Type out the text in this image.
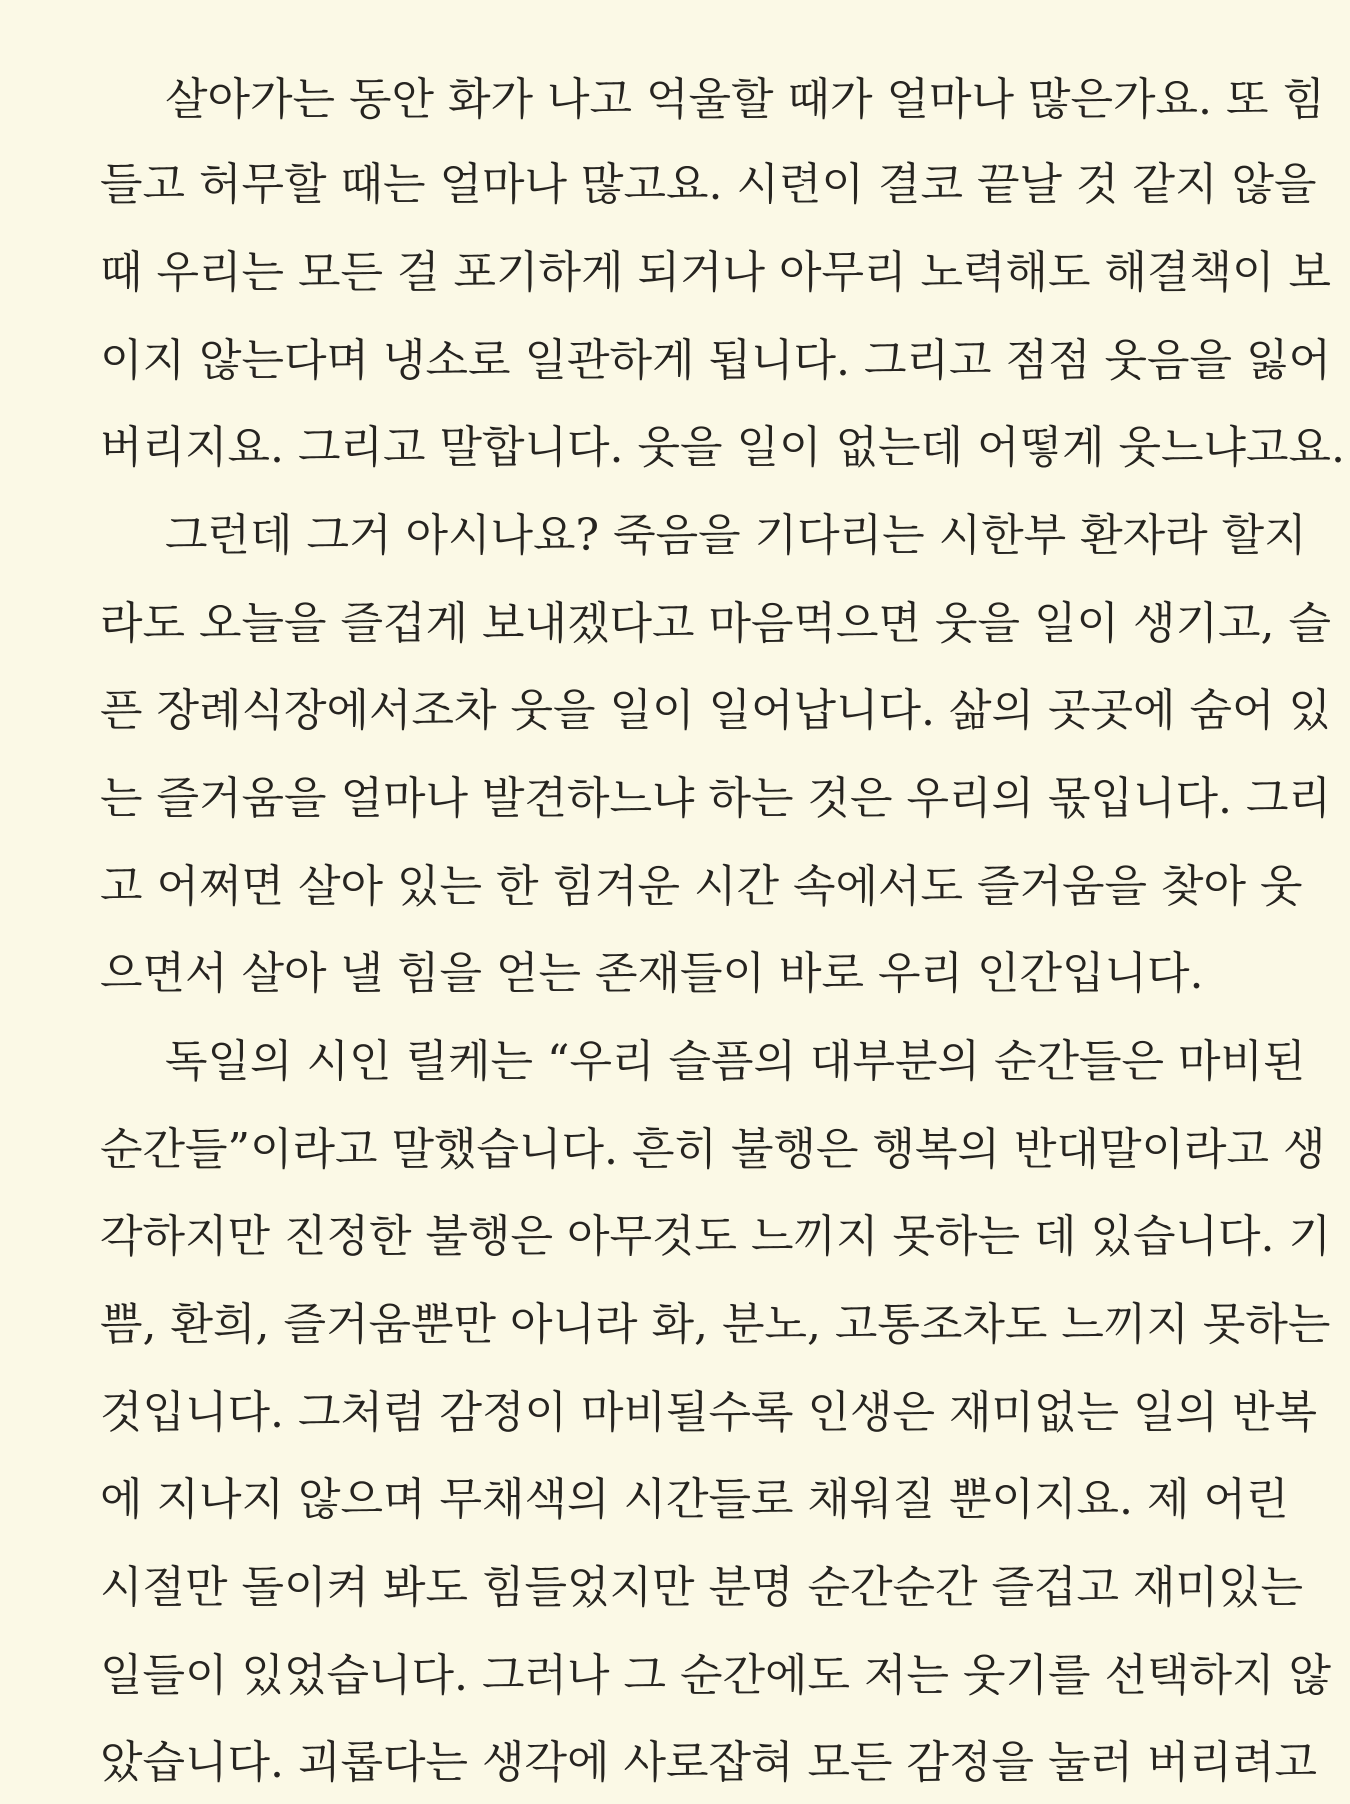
살아가는 동안 화가 나고 억울할 때가 얼마나 많은가요. 또 힘
들고 허무할 때는 얼마나 많고요. 시련이 결코 끝날 것 같지 않을
때 우리는 모든 걸 포기하게 되거나 아무리 노력해도 해결책이 보
이지 않는다며 냉소로 일관하게 됩니다. 그리고 점점 웃음을 잃어
버리지요. 그리고 말합니다. 웃을 일이 없는데 어떻게 웃느냐고요.
그런데 그거 아시나요? 죽음을 기다리는 시한부 환자라 할지
라도 오늘을 즐겁게 보내겠다고 마음먹으면 웃을 일이 생기고, 슬
픈 장례식장에서조차 웃을 일이 일어납니다. 삶의 곳곳에 숨어 있
는 즐거움을 얼마나 발견하느냐 하는 것은 우리의 몫입니다. 그리
고 어쩌면 살아 있는 한 힘겨운 시간 속에서도 즐거움을 찾아 웃
으면서 살아 낼 힘을 얻는 존재들이 바로 우리 인간입니다.
독일의 시인 릴케는 “우리 슬픔의 대부분의 순간들은 마비된
순간들”이라고 말했습니다. 흔히 불행은 행복의 반대말이라고 생
각하지만 진정한 불행은 아무것도 느끼지 못하는 데 있습니다. 기
쁨, 환희, 즐거움뿐만 아니라 화, 분노, 고통조차도 느끼지 못하는
것입니다. 그처럼 감정이 마비될수록 인생은 재미없는 일의 반복
에 지나지 않으며 무채색의 시간들로 채워질 뿐이지요. 제 어린
시절만 돌이켜 봐도 힘들었지만 분명 순간순간 즐겁고 재미있는
일들이 있었습니다. 그러나 그 순간에도 저는 웃기를 선택하지 않
았습니다. 괴롭다는 생각에 사로잡혀 모든 감정을 눌러 버리려고
